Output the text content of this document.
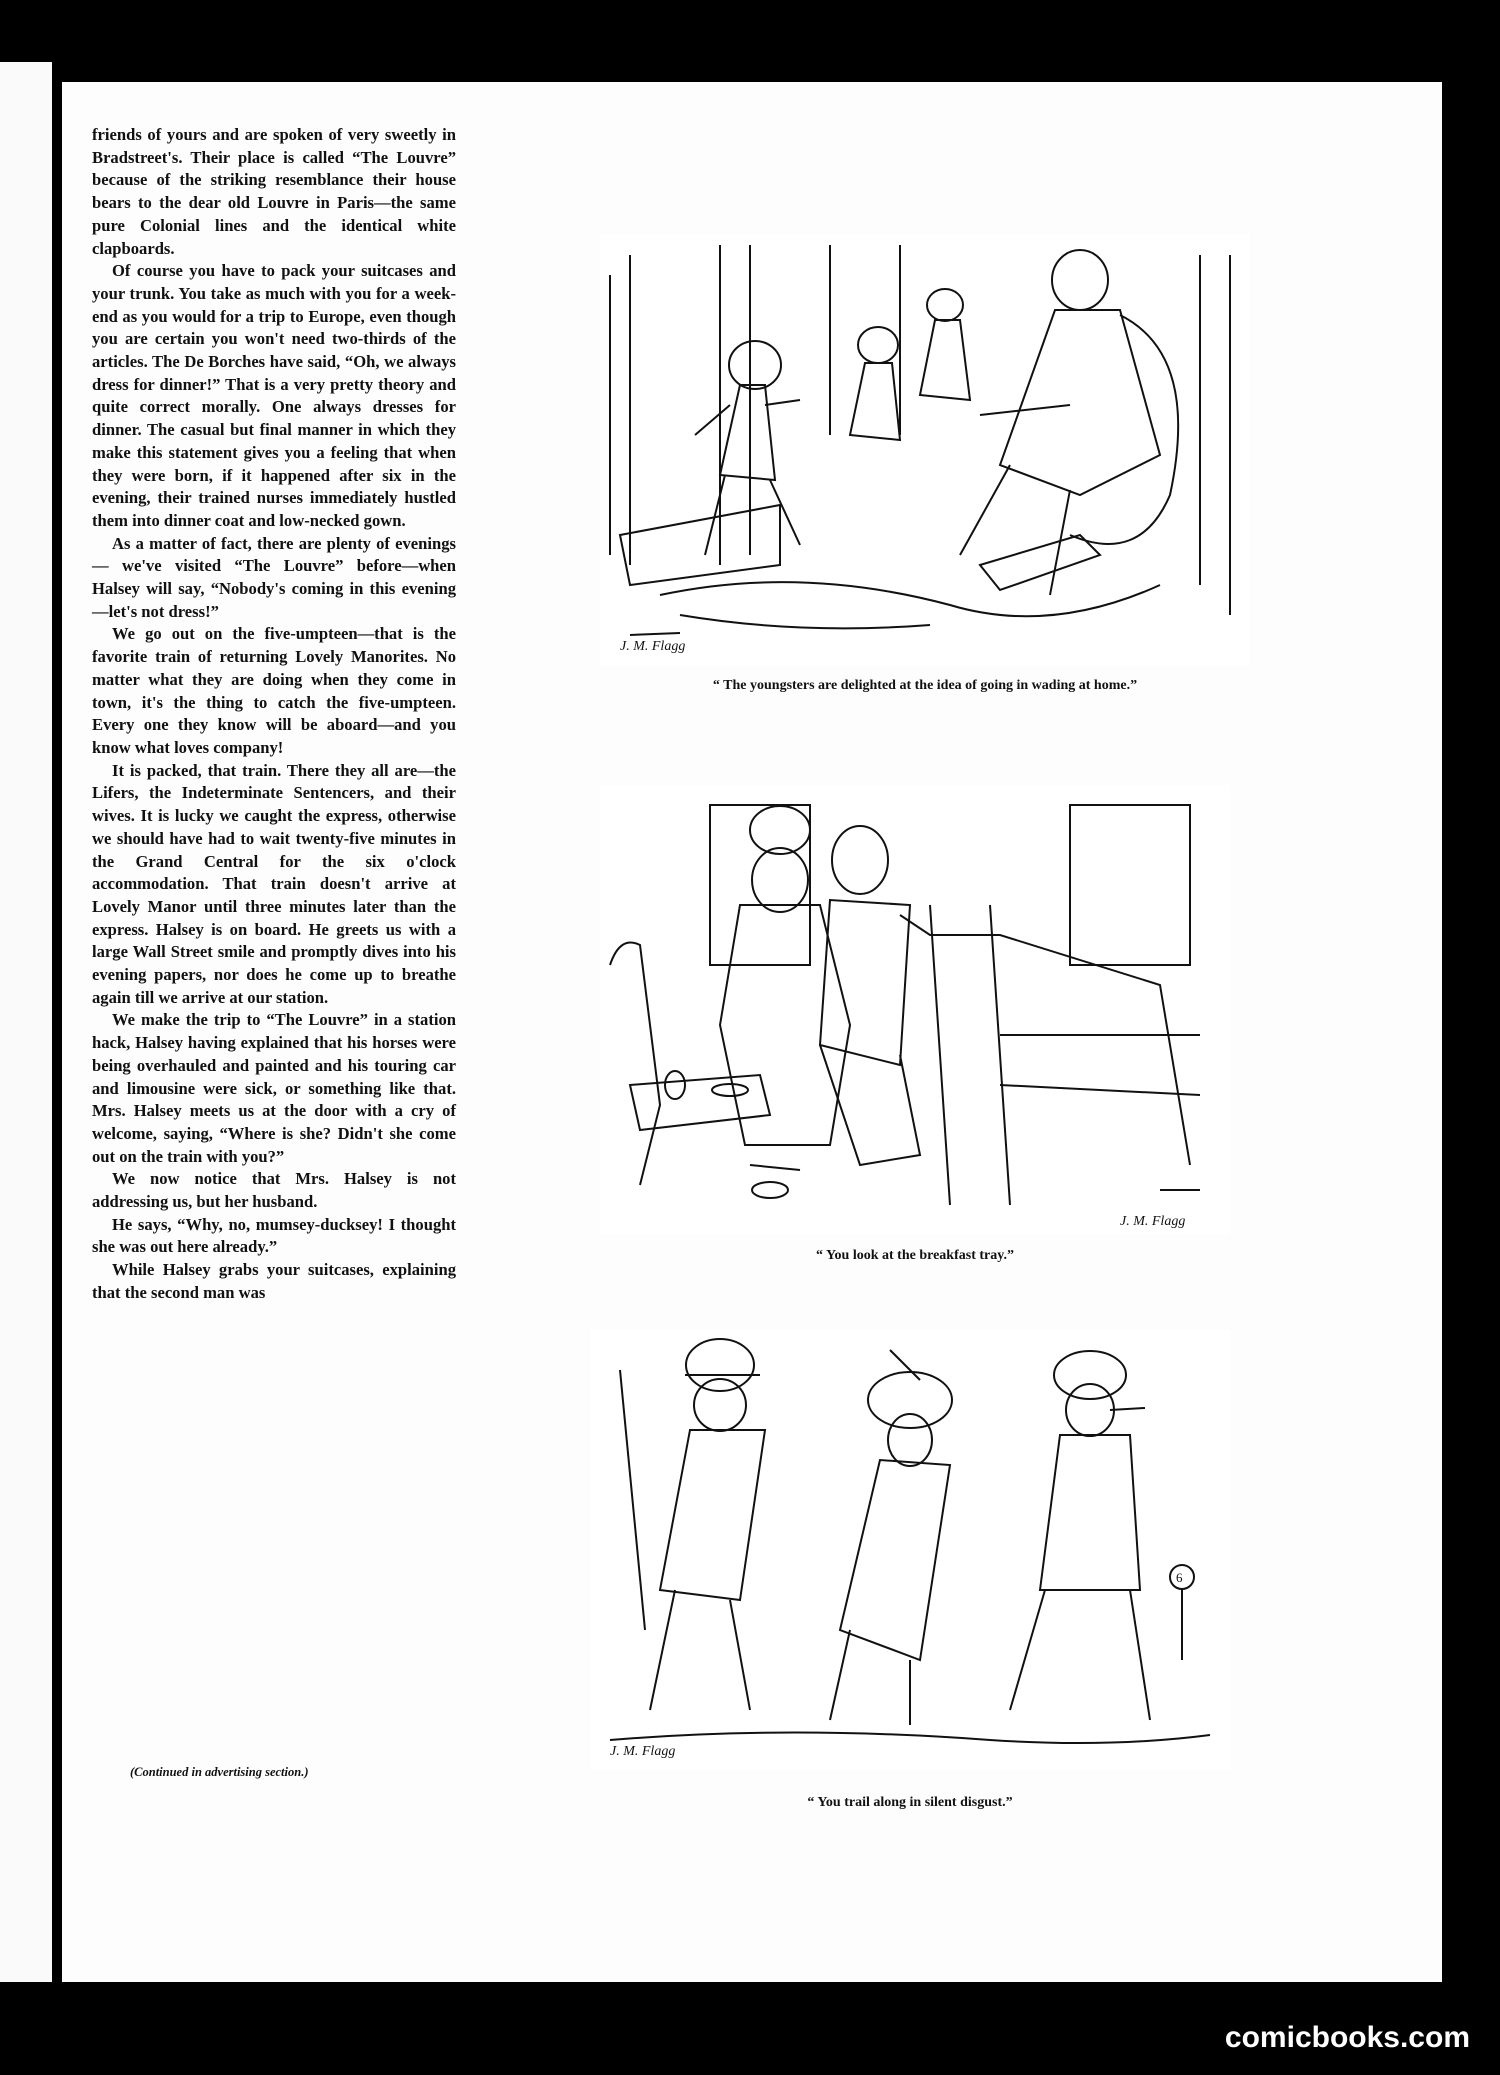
friends of yours and are spoken of very sweetly in Bradstreet's. Their place is called “The Louvre” because of the striking resemblance their house bears to the dear old Louvre in Paris—the same pure Colonial lines and the identical white clapboards.

Of course you have to pack your suitcases and your trunk. You take as much with you for a week-end as you would for a trip to Europe, even though you are certain you won't need two-thirds of the articles. The De Borches have said, “Oh, we always dress for dinner!” That is a very pretty theory and quite correct morally. One always dresses for dinner. The casual but final manner in which they make this statement gives you a feeling that when they were born, if it happened after six in the evening, their trained nurses immediately hustled them into dinner coat and low-necked gown.

As a matter of fact, there are plenty of evenings — we've visited “The Louvre” before—when Halsey will say, “Nobody's coming in this evening—let's not dress!”

We go out on the five-umpteen—that is the favorite train of returning Lovely Manorites. No matter what they are doing when they come in town, it's the thing to catch the five-umpteen. Every one they know will be aboard—and you know what loves company!

It is packed, that train. There they all are—the Lifers, the Indeterminate Sentencers, and their wives. It is lucky we caught the express, otherwise we should have had to wait twenty-five minutes in the Grand Central for the six o'clock accommodation. That train doesn't arrive at Lovely Manor until three minutes later than the express. Halsey is on board. He greets us with a large Wall Street smile and promptly dives into his evening papers, nor does he come up to breathe again till we arrive at our station.

We make the trip to “The Louvre” in a station hack, Halsey having explained that his horses were being overhauled and painted and his touring car and limousine were sick, or something like that. Mrs. Halsey meets us at the door with a cry of welcome, saying, “Where is she? Didn't she come out on the train with you?”

We now notice that Mrs. Halsey is not addressing us, but her husband.

He says, “Why, no, mumsey-ducksey! I thought she was out here already.”

While Halsey grabs your suitcases, explaining that the second man was

(Continued in advertising section.)
J. M. Flagg
“ The youngsters are delighted at the idea of going in wading at home.”
J. M. Flagg
“ You look at the breakfast tray.”
6
J. M. Flagg
“ You trail along in silent disgust.”
comicbooks.com
